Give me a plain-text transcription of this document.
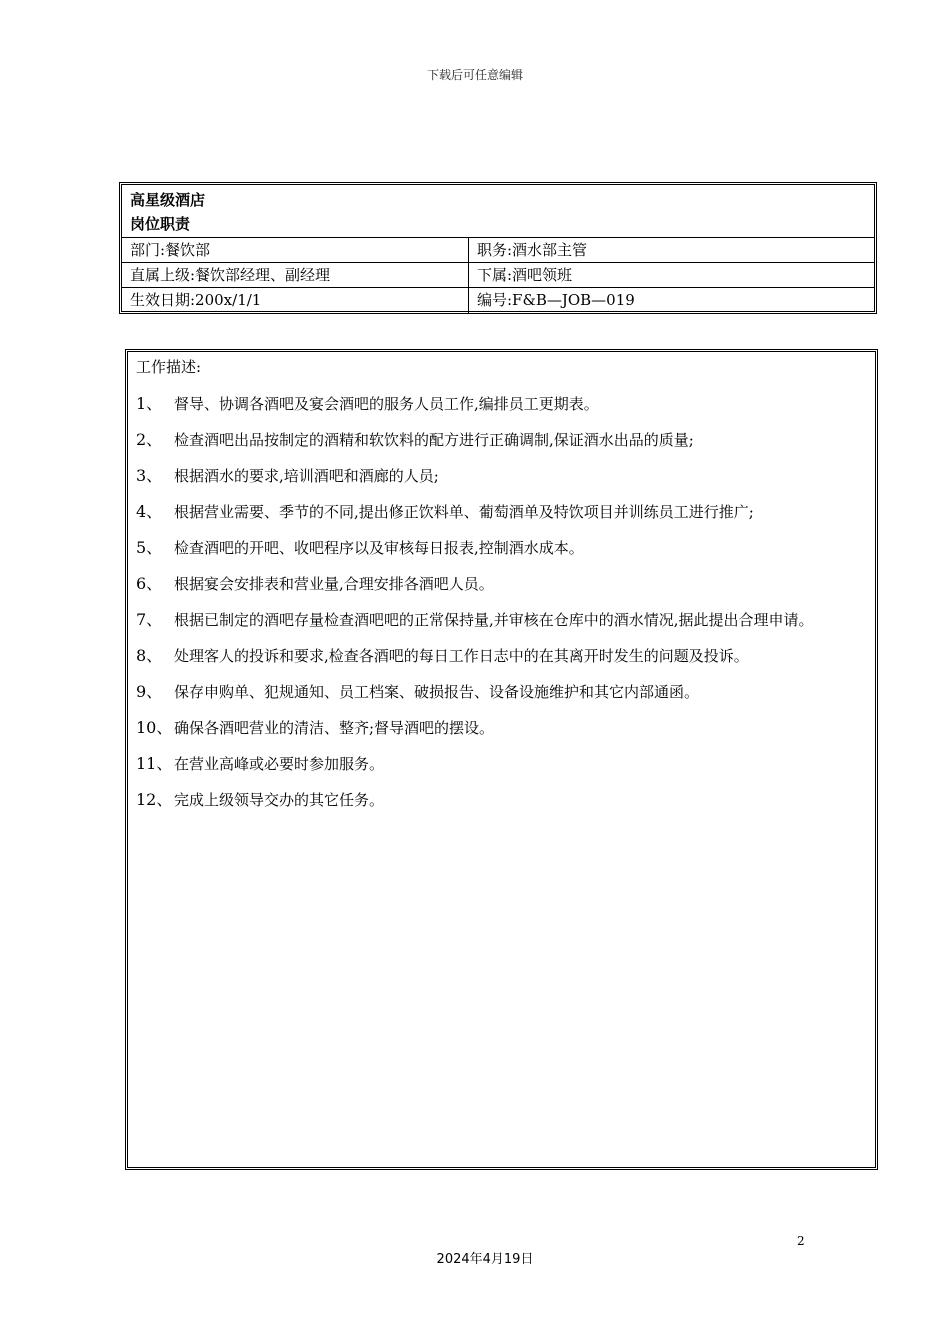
下载后可任意编辑
高星级酒店
岗位职责
部门:餐饮部	职务:酒水部主管
直属上级:餐饮部经理、副经理	下属:酒吧领班
生效日期:200x/1/1	编号:F&B—JOB—019
工作描述:
1、 督导、协调各酒吧及宴会酒吧的服务人员工作,编排员工更期表。
2、 检查酒吧出品按制定的酒精和软饮料的配方进行正确调制,保证酒水出品的质量;
3、 根据酒水的要求,培训酒吧和酒廊的人员;
4、 根据营业需要、季节的不同,提出修正饮料单、葡萄酒单及特饮项目并训练员工进行推广;
5、 检查酒吧的开吧、收吧程序以及审核每日报表,控制酒水成本。
6、 根据宴会安排表和营业量,合理安排各酒吧人员。
7、 根据已制定的酒吧存量检查酒吧吧的正常保持量,并审核在仓库中的酒水情况,据此提出合理申请。
8、 处理客人的投诉和要求,检查各酒吧的每日工作日志中的在其离开时发生的问题及投诉。
9、 保存申购单、犯规通知、员工档案、破损报告、设备设施维护和其它内部通函。
10、 确保各酒吧营业的清洁、整齐;督导酒吧的摆设。
11、 在营业高峰或必要时参加服务。
12、 完成上级领导交办的其它任务。
2
2024年4月19日
